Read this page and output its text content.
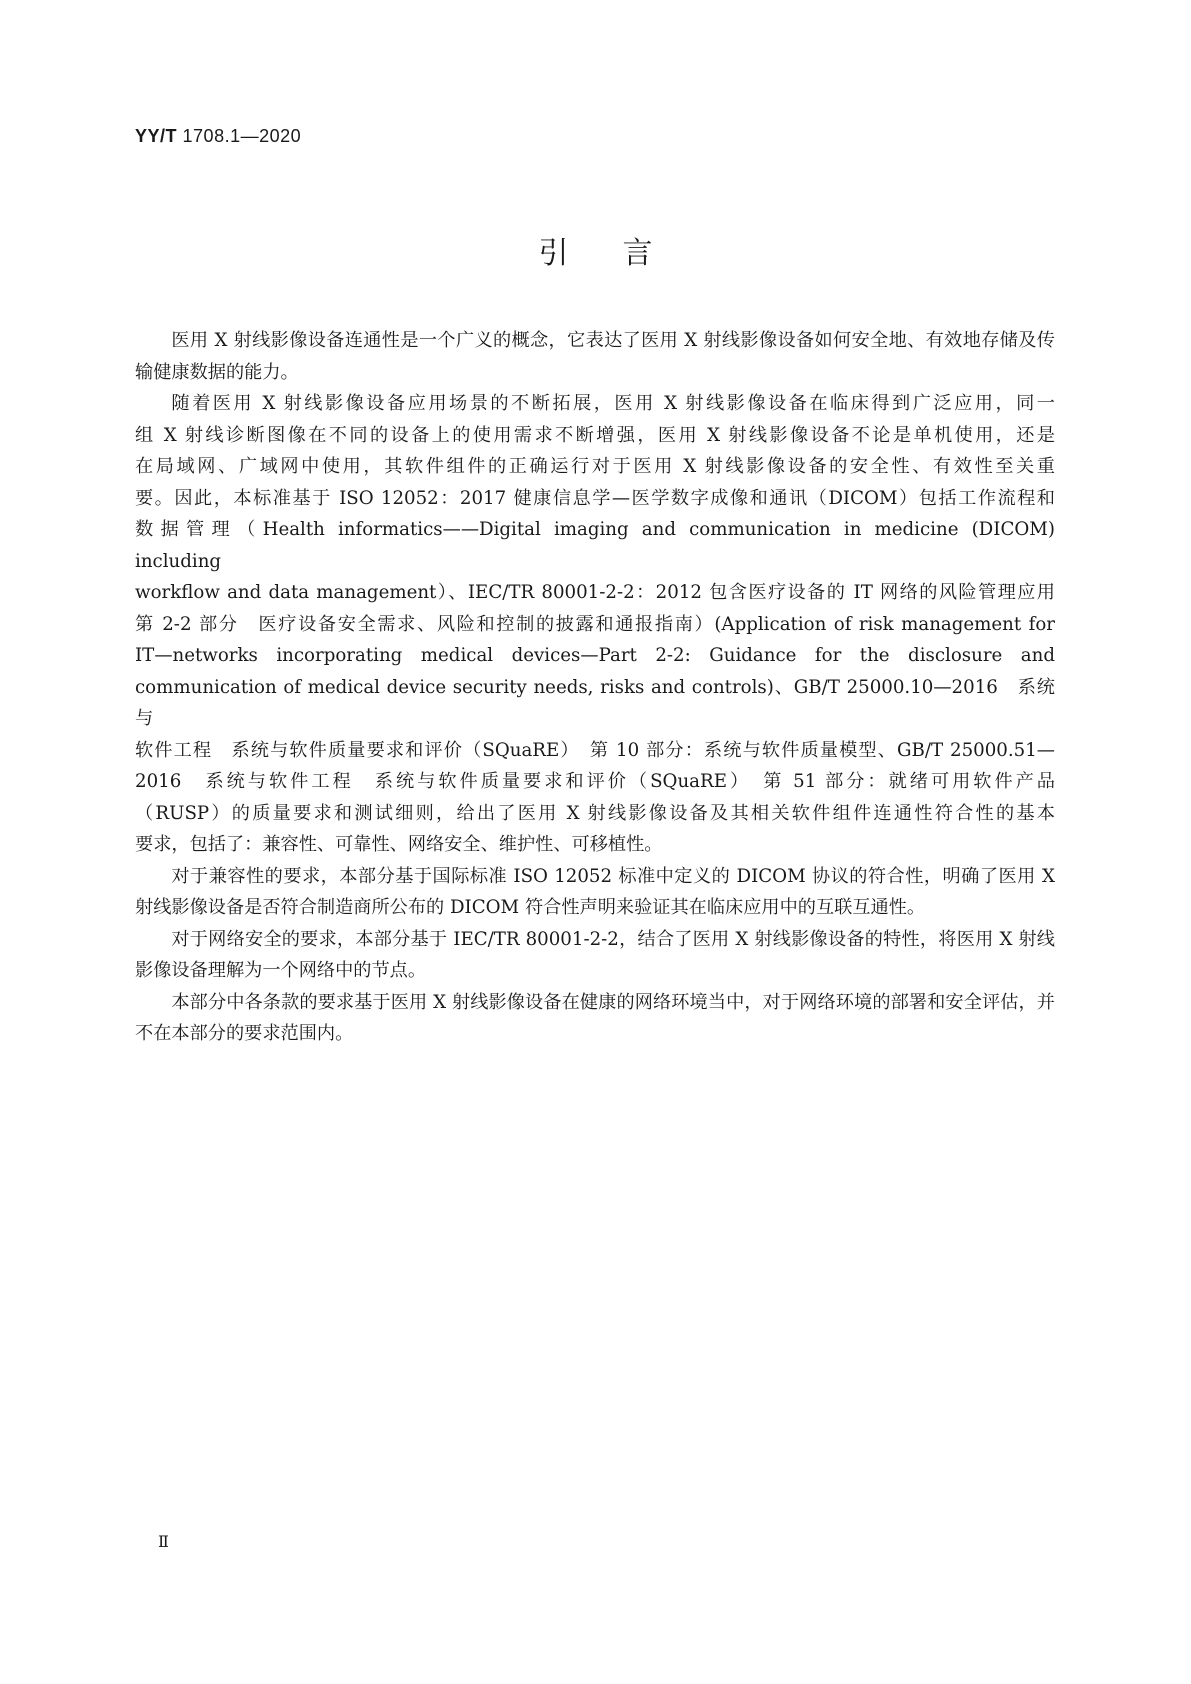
YY/T 1708.1—2020
引言

医用 X 射线影像设备连通性是一个广义的概念，它表达了医用 X 射线影像设备如何安全地、有效地存储及传输健康数据的能力。

随着医用 X 射线影像设备应用场景的不断拓展，医用 X 射线影像设备在临床得到广泛应用，同一

组 X 射线诊断图像在不同的设备上的使用需求不断增强，医用 X 射线影像设备不论是单机使用，还是

在局域网、广域网中使用，其软件组件的正确运行对于医用 X 射线影像设备的安全性、有效性至关重

要。因此，本标准基于 ISO 12052：2017 健康信息学—医学数字成像和通讯（DICOM）包括工作流程和

数据管理（Health informatics——Digital imaging and communication in medicine (DICOM) including

workflow and data management）、IEC/TR 80001-2-2：2012 包含医疗设备的 IT 网络的风险管理应用

第 2-2 部分　医疗设备安全需求、风险和控制的披露和通报指南）(Application of risk management for

IT—networks incorporating medical devices—Part 2-2: Guidance for the disclosure and

communication of medical device security needs, risks and controls)、GB/T 25000.10—2016　系统与

软件工程　系统与软件质量要求和评价（SQuaRE）　第 10 部分：系统与软件质量模型、GB/T 25000.51—

2016　系统与软件工程　系统与软件质量要求和评价（SQuaRE）　第 51 部分：就绪可用软件产品

（RUSP）的质量要求和测试细则，给出了医用 X 射线影像设备及其相关软件组件连通性符合性的基本

要求，包括了：兼容性、可靠性、网络安全、维护性、可移植性。

对于兼容性的要求，本部分基于国际标准 ISO 12052 标准中定义的 DICOM 协议的符合性，明确了医用 X 射线影像设备是否符合制造商所公布的 DICOM 符合性声明来验证其在临床应用中的互联互通性。

对于网络安全的要求，本部分基于 IEC/TR 80001-2-2，结合了医用 X 射线影像设备的特性，将医用 X 射线影像设备理解为一个网络中的节点。

本部分中各条款的要求基于医用 X 射线影像设备在健康的网络环境当中，对于网络环境的部署和安全评估，并不在本部分的要求范围内。

Ⅱ
